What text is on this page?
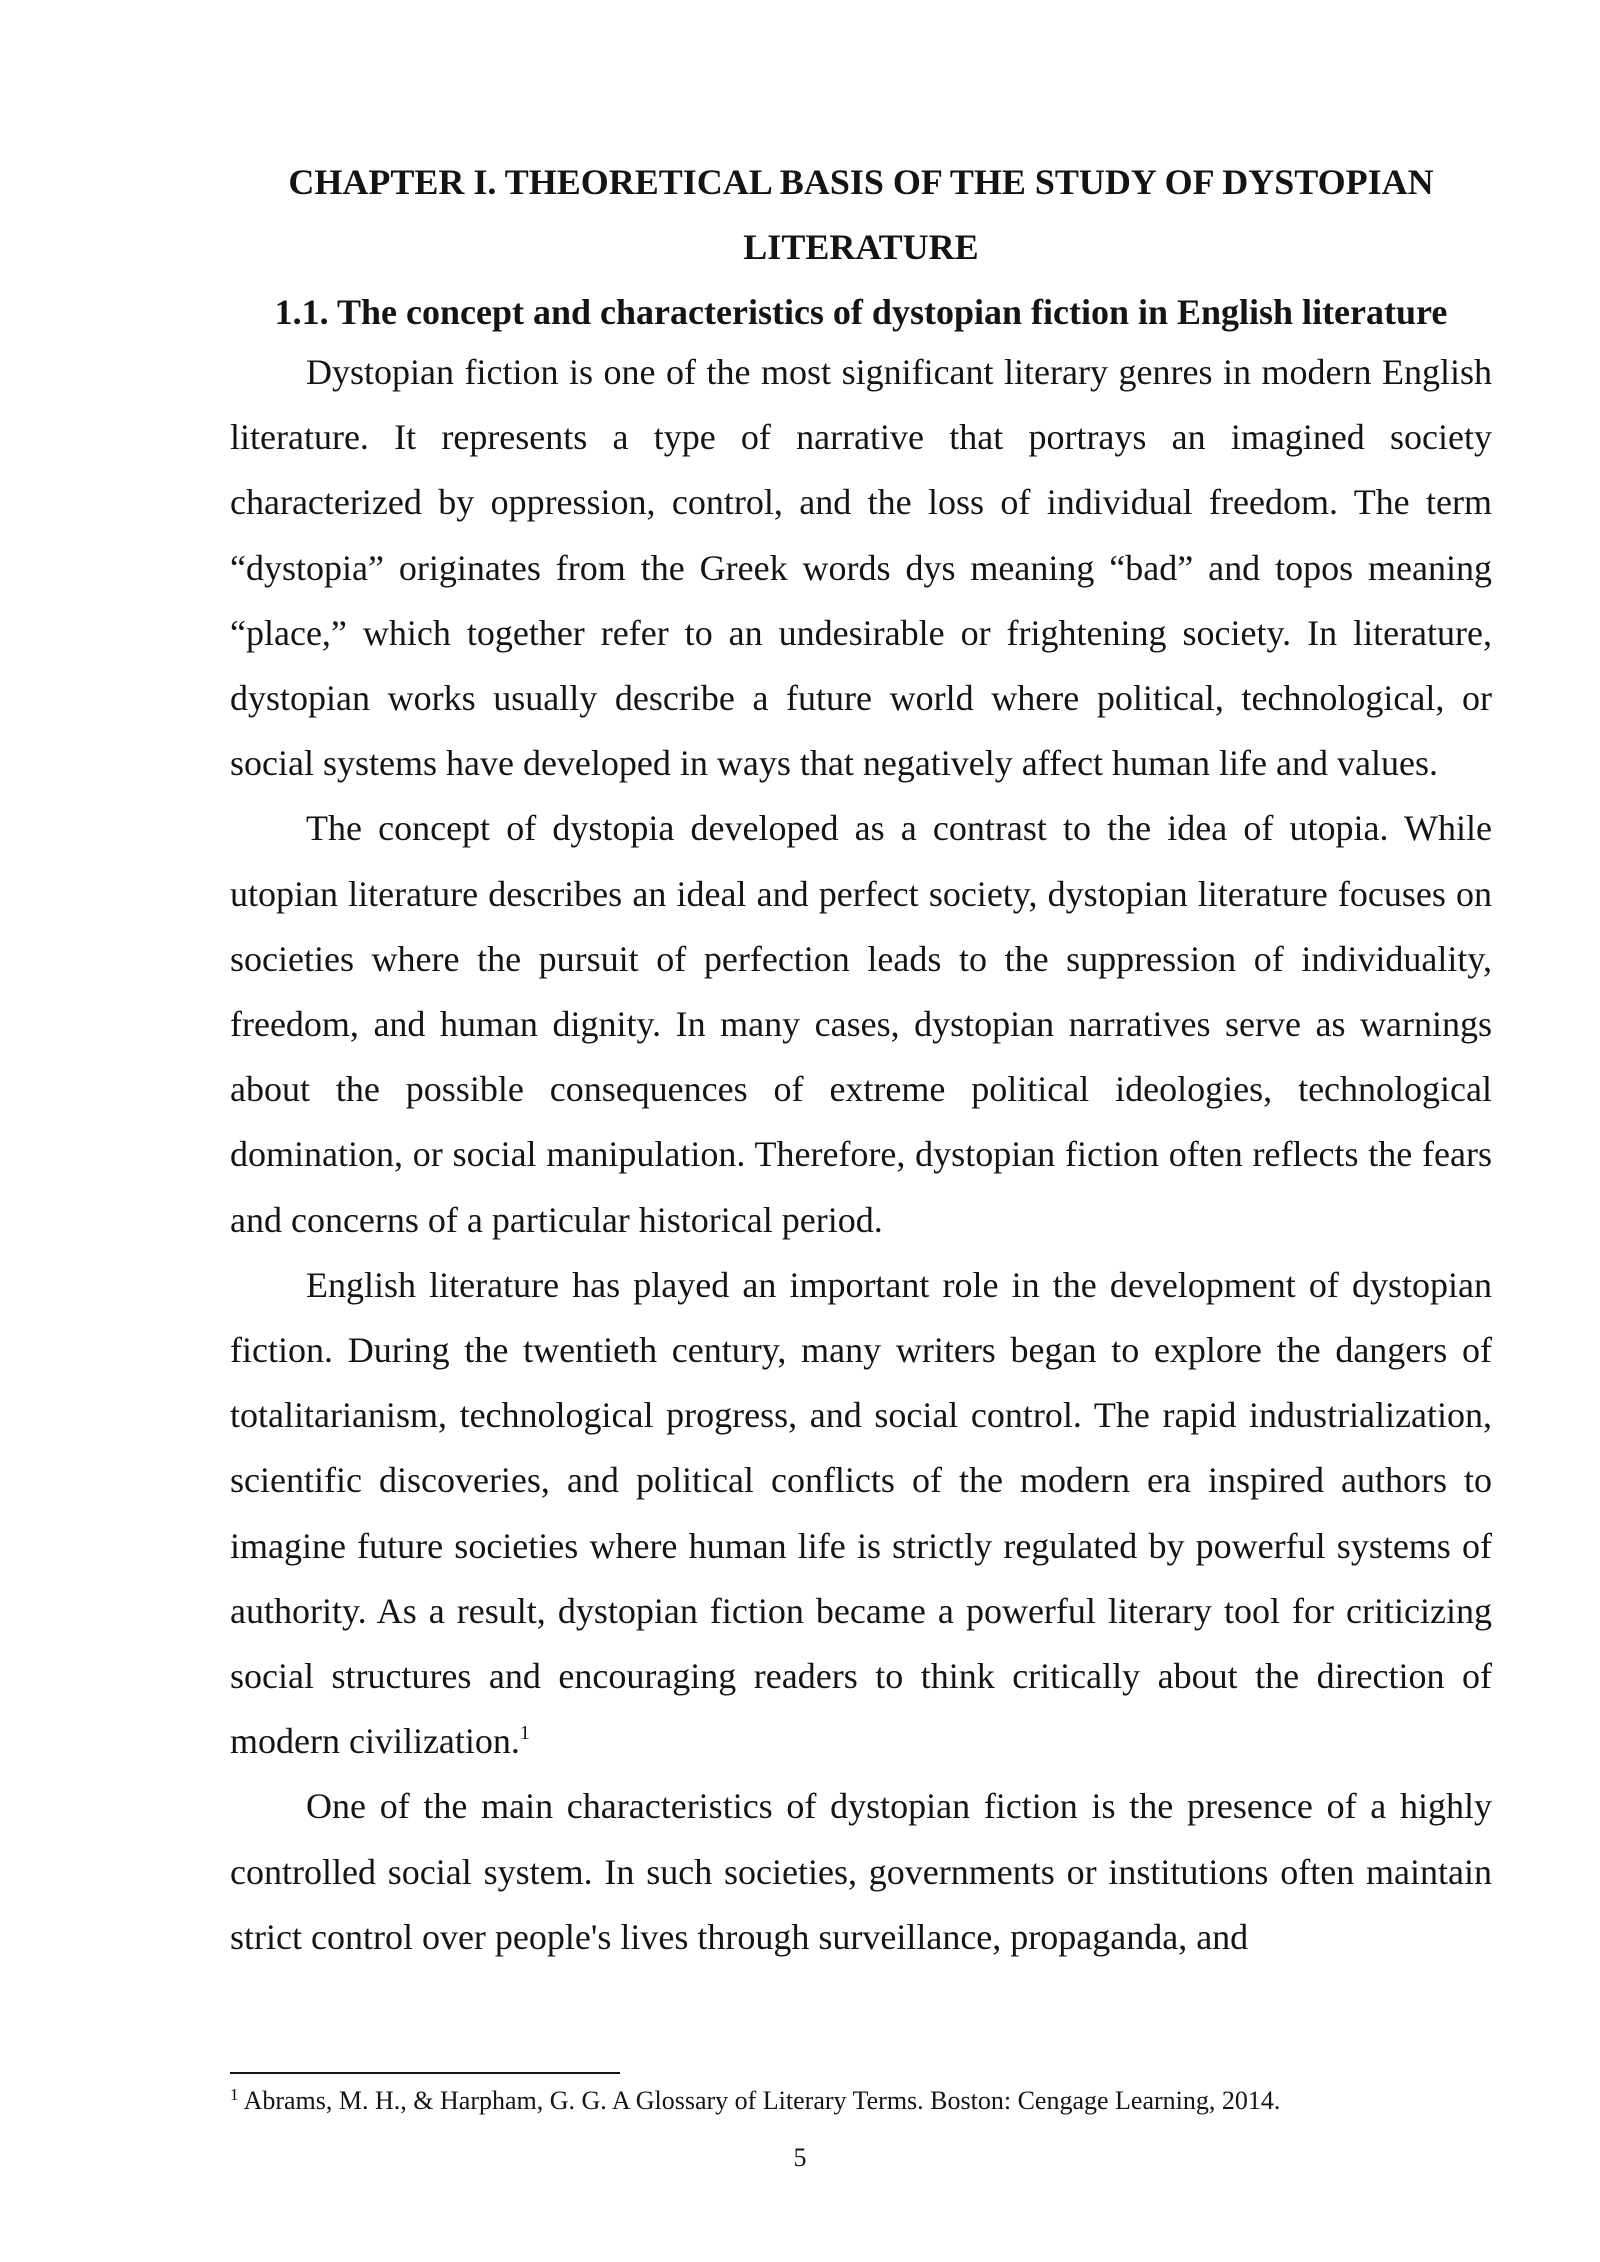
CHAPTER I. THEORETICAL BASIS OF THE STUDY OF DYSTOPIAN LITERATURE
1.1. The concept and characteristics of dystopian fiction in English literature

Dystopian fiction is one of the most significant literary genres in modern English literature. It represents a type of narrative that portrays an imagined society characterized by oppression, control, and the loss of individual freedom. The term “dystopia” originates from the Greek words dys meaning “bad” and topos meaning “place,” which together refer to an undesirable or frightening society. In literature, dystopian works usually describe a future world where political, technological, or social systems have developed in ways that negatively affect human life and values.

The concept of dystopia developed as a contrast to the idea of utopia. While utopian literature describes an ideal and perfect society, dystopian literature focuses on societies where the pursuit of perfection leads to the suppression of individuality, freedom, and human dignity. In many cases, dystopian narratives serve as warnings about the possible consequences of extreme political ideologies, technological domination, or social manipulation. Therefore, dystopian fiction often reflects the fears and concerns of a particular historical period.

English literature has played an important role in the development of dystopian fiction. During the twentieth century, many writers began to explore the dangers of totalitarianism, technological progress, and social control. The rapid industrialization, scientific discoveries, and political conflicts of the modern era inspired authors to imagine future societies where human life is strictly regulated by powerful systems of authority. As a result, dystopian fiction became a powerful literary tool for criticizing social structures and encouraging readers to think critically about the direction of modern civilization.$^1$

One of the main characteristics of dystopian fiction is the presence of a highly controlled social system. In such societies, governments or institutions often maintain strict control over people's lives through surveillance, propaganda, and

$^1$ Abrams, M. H., & Harpham, G. G. A Glossary of Literary Terms. Boston: Cengage Learning, 2014.

5
